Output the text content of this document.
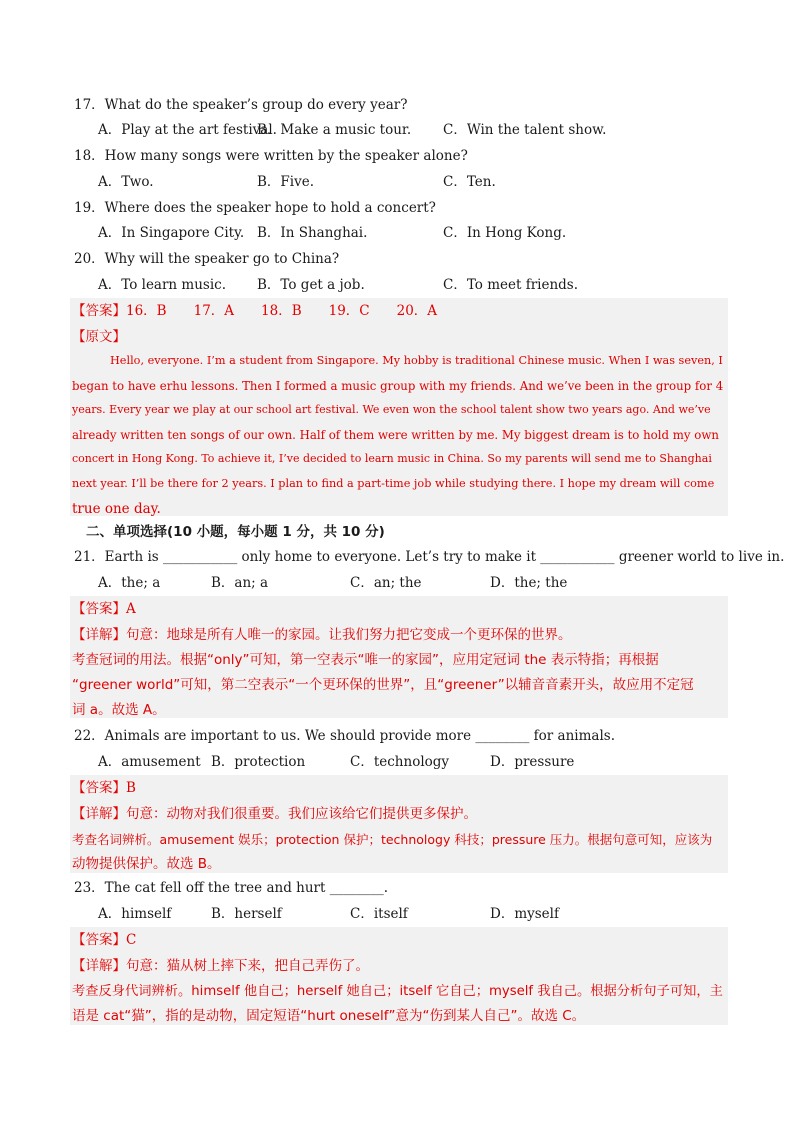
17．What do the speaker’s group do every year?
A．Play at the art festival.
B．Make a music tour. C．Win the talent show.
18．How many songs were written by the speaker alone?
A．Two.	B．Five.	C．Ten.
19．Where does the speaker hope to hold a concert?
A．In Singapore City. B．In Shanghai.	C．In Hong Kong.
20．Why will the speaker go to China?
A．To learn music. B．To get a job.	C．To meet friends.
【答案】16．B　　17．A　　18．B　　19．C　　20．A
【原文】
Hello, everyone. I’m a student from Singapore. My hobby is traditional Chinese music. When I was seven, I
began to have erhu lessons. Then I formed a music group with my friends. And we’ve been in the group for 4
years. Every year we play at our school art festival. We even won the school talent show two years ago. And we’ve
already written ten songs of our own. Half of them were written by me. My biggest dream is to hold my own
concert in Hong Kong. To achieve it, I’ve decided to learn music in China. So my parents will send me to Shanghai
next year. I’ll be there for 2 years. I plan to find a part-time job while studying there. I hope my dream will come
true one day.
二、单项选择(10 小题，每小题 1 分，共 10 分)
21．Earth is ___________ only home to everyone. Let’s try to make it ___________ greener world to live in.
A．the; a	B．an; a	C．an; the	D．the; the
【答案】A
【详解】句意：地球是所有人唯一的家园。让我们努力把它变成一个更环保的世界。
考查冠词的用法。根据“only”可知，第一空表示“唯一的家园”，应用定冠词 the 表示特指；再根据
“greener world”可知，第二空表示“一个更环保的世界”，且“greener”以辅音音素开头，故应用不定冠
词 a。故选 A。
22．Animals are important to us. We should provide more ________ for animals.
A．amusement B．protection	C．technology	D．pressure
【答案】B
【详解】句意：动物对我们很重要。我们应该给它们提供更多保护。
考查名词辨析。amusement 娱乐；protection 保护；technology 科技；pressure 压力。根据句意可知，应该为
动物提供保护。故选 B。
23．The cat fell off the tree and hurt ________.
A．himself	B．herself	C．itself	D．myself
【答案】C
【详解】句意：猫从树上摔下来，把自己弄伤了。
考查反身代词辨析。himself 他自己；herself 她自己；itself 它自己；myself 我自己。根据分析句子可知，主
语是 cat“猫”，指的是动物，固定短语“hurt oneself”意为“伤到某人自己”。故选 C。
